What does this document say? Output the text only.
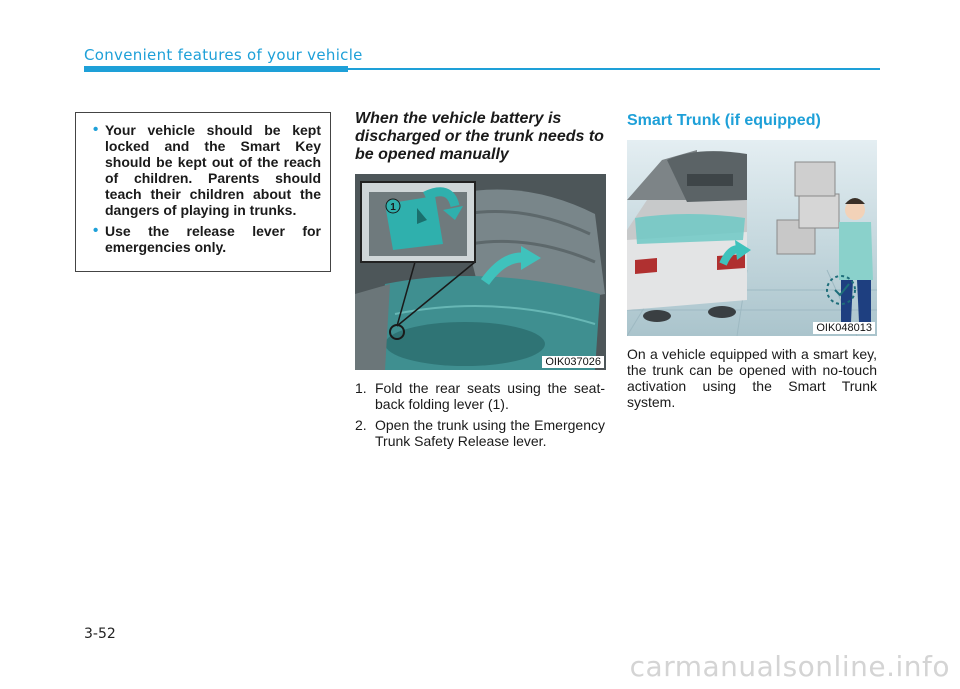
Convenient features of your vehicle
• Your vehicle should be kept locked and the Smart Key should be kept out of the reach of children. Parents should teach their children about the dangers of playing in trunks.
• Use the release lever for emergencies only.
When the vehicle battery is discharged or the trunk needs to be opened manually
1
OIK037026
1. Fold the rear seats using the seat-back folding lever (1).
2. Open the trunk using the Emergency Trunk Safety Release lever.
Smart Trunk (if equipped)
OIK048013
On a vehicle equipped with a smart key, the trunk can be opened with no-touch activation using the Smart Trunk system.
3-52
carmanualsonline.info
